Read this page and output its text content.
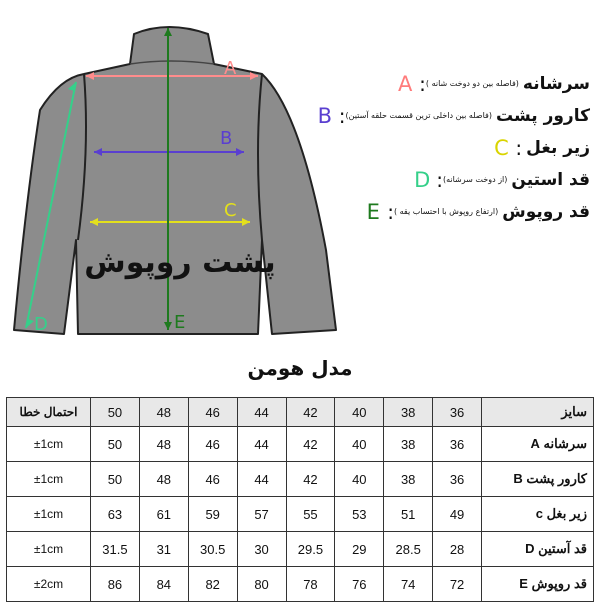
A
B
C
D	E
پشت روپوش
سرشانه
(فاصله بین دو دوخت شانه )
:
A
کارور پشت
(فاصله بین داخلی ترین قسمت حلقه آستین)
:
B
زیر بغل
:
C
قد استین
(از دوخت سرشانه)
:
D
قد روپوش
(ارتفاع روپوش با احتساب یقه )
:
E
مدل هومن
احتمال خطا	50	48	46	44	42	40	38	36	سایز
±1cm	50	48	46	44	42	40	38	36	سرشانه A
±1cm	50	48	46	44	42	40	38	36	کارور پشت B
±1cm	63	61	59	57	55	53	51	49	زیر بغل c
±1cm	31.5	31	30.5	30	29.5	29	28.5	28	قد آستین D
±2cm	86	84	82	80	78	76	74	72	قد روپوش E
